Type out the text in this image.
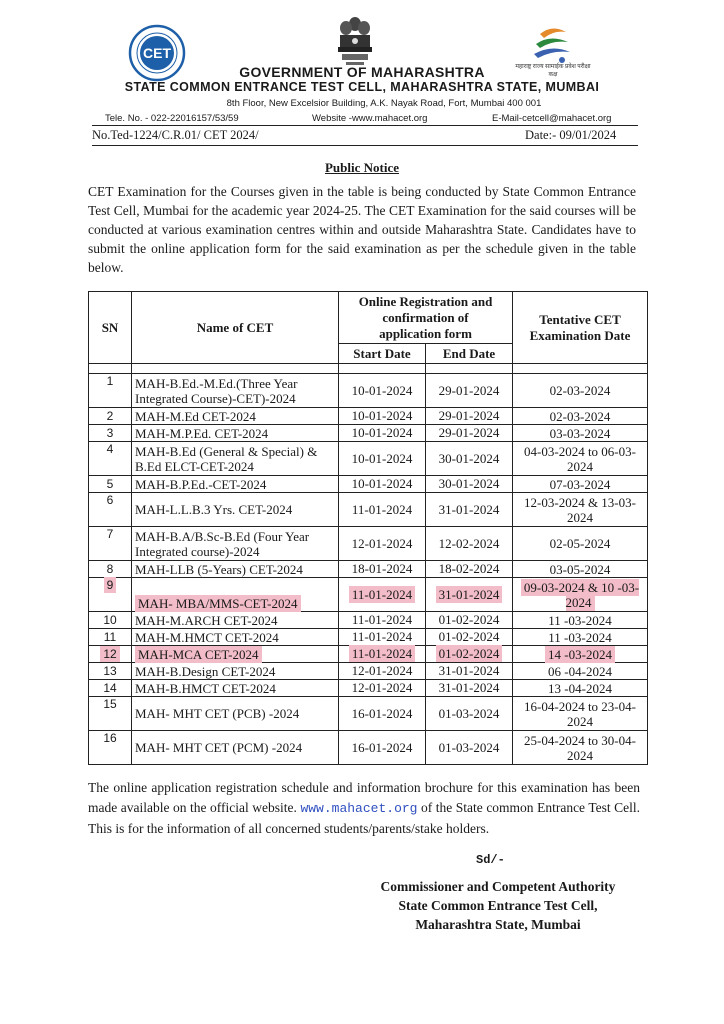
CET
महाराष्ट्र राज्य सामाईक प्रवेश परीक्षा कक्ष
GOVERNMENT OF MAHARASHTRA
STATE COMMON ENTRANCE TEST CELL, MAHARASHTRA STATE, MUMBAI
8th Floor, New Excelsior Building, A.K. Nayak Road, Fort, Mumbai 400 001
Tele. No. - 022-22016157/53/59	Website -www.mahacet.org	E-Mail-cetcell@mahacet.org
No.Ted-1224/C.R.01/ CET 2024/	Date:- 09/01/2024
Public Notice
CET Examination for the Courses given in the table is being conducted by State Common Entrance Test Cell, Mumbai for the academic year 2024-25. The CET Examination for the said courses will be conducted at various examination centres within and outside Maharashtra State. Candidates have to submit the online application form for the said examination as per the schedule given in the table below.
SN	Name of CET	Online Registration and confirmation of application form		Tentative CET Examination Date
		Start Date	End Date	

1	MAH-B.Ed.-M.Ed.(Three Year Integrated Course)-CET)-2024	10-01-2024	29-01-2024	02-03-2024
2	MAH-M.Ed CET-2024	10-01-2024	29-01-2024	02-03-2024
3	MAH-M.P.Ed. CET-2024	10-01-2024	29-01-2024	03-03-2024
4	MAH-B.Ed (General & Special) & B.Ed ELCT-CET-2024	10-01-2024	30-01-2024	04-03-2024 to 06-03-2024
5	MAH-B.P.Ed.-CET-2024	10-01-2024	30-01-2024	07-03-2024
6	MAH-L.L.B.3 Yrs. CET-2024	11-01-2024	31-01-2024	12-03-2024 & 13-03-2024
7	MAH-B.A/B.Sc-B.Ed (Four Year Integrated course)-2024	12-01-2024	12-02-2024	02-05-2024
8	MAH-LLB (5-Years) CET-2024	18-01-2024	18-02-2024	03-05-2024
9	MAH- MBA/MMS-CET-2024	11-01-2024	31-01-2024	09-03-2024 & 10 -03-2024
10	MAH-M.ARCH CET-2024	11-01-2024	01-02-2024	11 -03-2024
11	MAH-M.HMCT CET-2024	11-01-2024	01-02-2024	11 -03-2024
12	MAH-MCA CET-2024	11-01-2024	01-02-2024	14 -03-2024
13	MAH-B.Design CET-2024	12-01-2024	31-01-2024	06 -04-2024
14	MAH-B.HMCT CET-2024	12-01-2024	31-01-2024	13 -04-2024
15	MAH- MHT CET (PCB) -2024	16-01-2024	01-03-2024	16-04-2024 to 23-04-2024
16	MAH- MHT CET (PCM) -2024	16-01-2024	01-03-2024	25-04-2024 to 30-04-2024
The online application registration schedule and information brochure for this examination has been made available on the official website. www.mahacet.org of the State common Entrance Test Cell. This is for the information of all concerned students/parents/stake holders.
Sd/-
Commissioner and Competent Authority
State Common Entrance Test Cell,
Maharashtra State, Mumbai
